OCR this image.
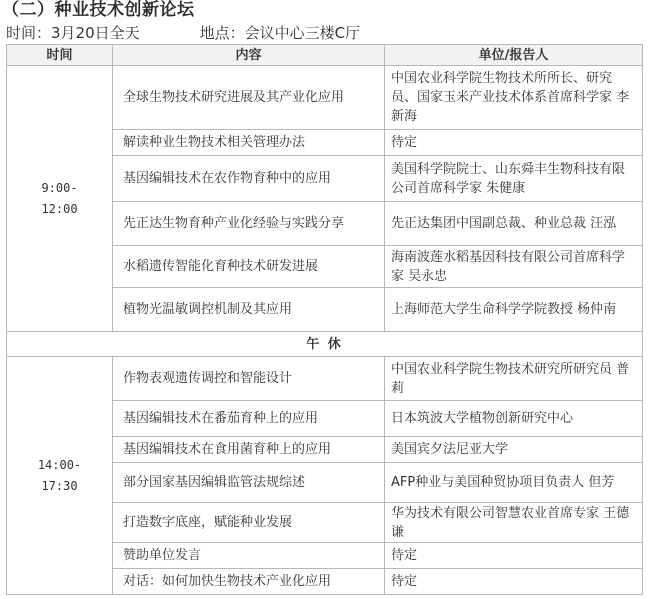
（二）种业技术创新论坛
时间：3月20日全天	地点：会议中心三楼C厅
时间	内容	单位/报告人

9:00-
12:00	全球生物技术研究进展及其产业化应用	中国农业科学院生物技术所所长、研究员、国家玉米产业技术体系首席科学家 李新海
	解读种业生物技术相关管理办法	待定
	基因编辑技术在农作物育种中的应用	美国科学院院士、山东舜丰生物科技有限公司首席科学家 朱健康
	先正达生物育种产业化经验与实践分享	先正达集团中国副总裁、种业总裁 汪泓
	水稻遗传智能化育种技术研发进展	海南波莲水稻基因科技有限公司首席科学家 吴永忠
	植物光温敏调控机制及其应用	上海师范大学生命科学学院教授 杨仲南
午 休		

14:00-
17:30	作物表观遗传调控和智能设计	中国农业科学院生物技术研究所研究员 普莉
	基因编辑技术在番茄育种上的应用	日本筑波大学植物创新研究中心
	基因编辑技术在食用菌育种上的应用	美国宾夕法尼亚大学
	部分国家基因编辑监管法规综述	AFP种业与美国种贸协项目负责人 但芳
	打造数字底座，赋能种业发展	华为技术有限公司智慧农业首席专家 王德谦
	赞助单位发言	待定
	对话：如何加快生物技术产业化应用	待定
